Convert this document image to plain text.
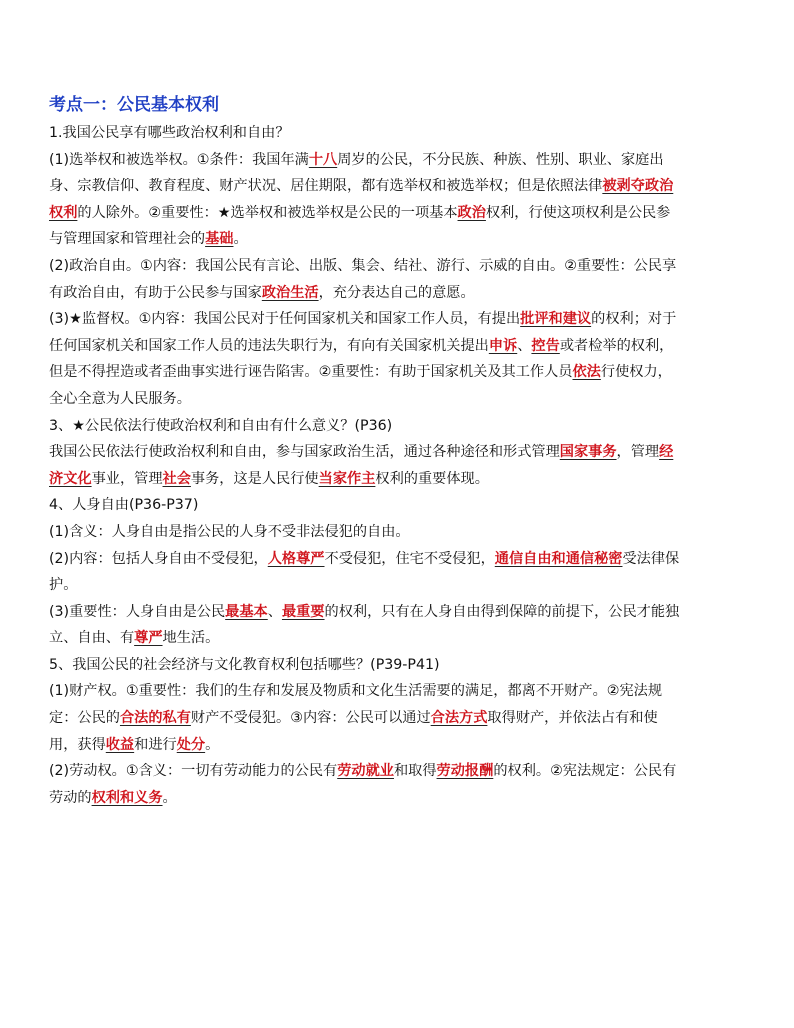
考点一：公民基本权利
1.我国公民享有哪些政治权利和自由？
(1)选举权和被选举权。①条件：我国年满十八周岁的公民，不分民族、种族、性别、职业、家庭出
身、宗教信仰、教育程度、财产状况、居住期限，都有选举权和被选举权；但是依照法律被剥夺政治
权利的人除外。②重要性：★选举权和被选举权是公民的一项基本政治权利，行使这项权利是公民参
与管理国家和管理社会的基础。
(2)政治自由。①内容：我国公民有言论、出版、集会、结社、游行、示威的自由。②重要性：公民享
有政治自由，有助于公民参与国家政治生活，充分表达自己的意愿。
(3)★监督权。①内容：我国公民对于任何国家机关和国家工作人员，有提出批评和建议的权利；对于
任何国家机关和国家工作人员的违法失职行为，有向有关国家机关提出申诉、控告或者检举的权利，
但是不得捏造或者歪曲事实进行诬告陷害。②重要性：有助于国家机关及其工作人员依法行使权力，
全心全意为人民服务。
3、★公民依法行使政治权利和自由有什么意义？(P36)
我国公民依法行使政治权利和自由，参与国家政治生活，通过各种途径和形式管理国家事务，管理经
济文化事业，管理社会事务，这是人民行使当家作主权利的重要体现。
4、人身自由(P36-P37)
(1)含义：人身自由是指公民的人身不受非法侵犯的自由。
(2)内容：包括人身自由不受侵犯，人格尊严不受侵犯，住宅不受侵犯，通信自由和通信秘密受法律保
护。
(3)重要性：人身自由是公民最基本、最重要的权利，只有在人身自由得到保障的前提下，公民才能独
立、自由、有尊严地生活。
5、我国公民的社会经济与文化教育权利包括哪些？(P39-P41)
(1)财产权。①重要性：我们的生存和发展及物质和文化生活需要的满足，都离不开财产。②宪法规
定：公民的合法的私有财产不受侵犯。③内容：公民可以通过合法方式取得财产，并依法占有和使
用，获得收益和进行处分。
(2)劳动权。①含义：一切有劳动能力的公民有劳动就业和取得劳动报酬的权利。②宪法规定：公民有
劳动的权利和义务。
